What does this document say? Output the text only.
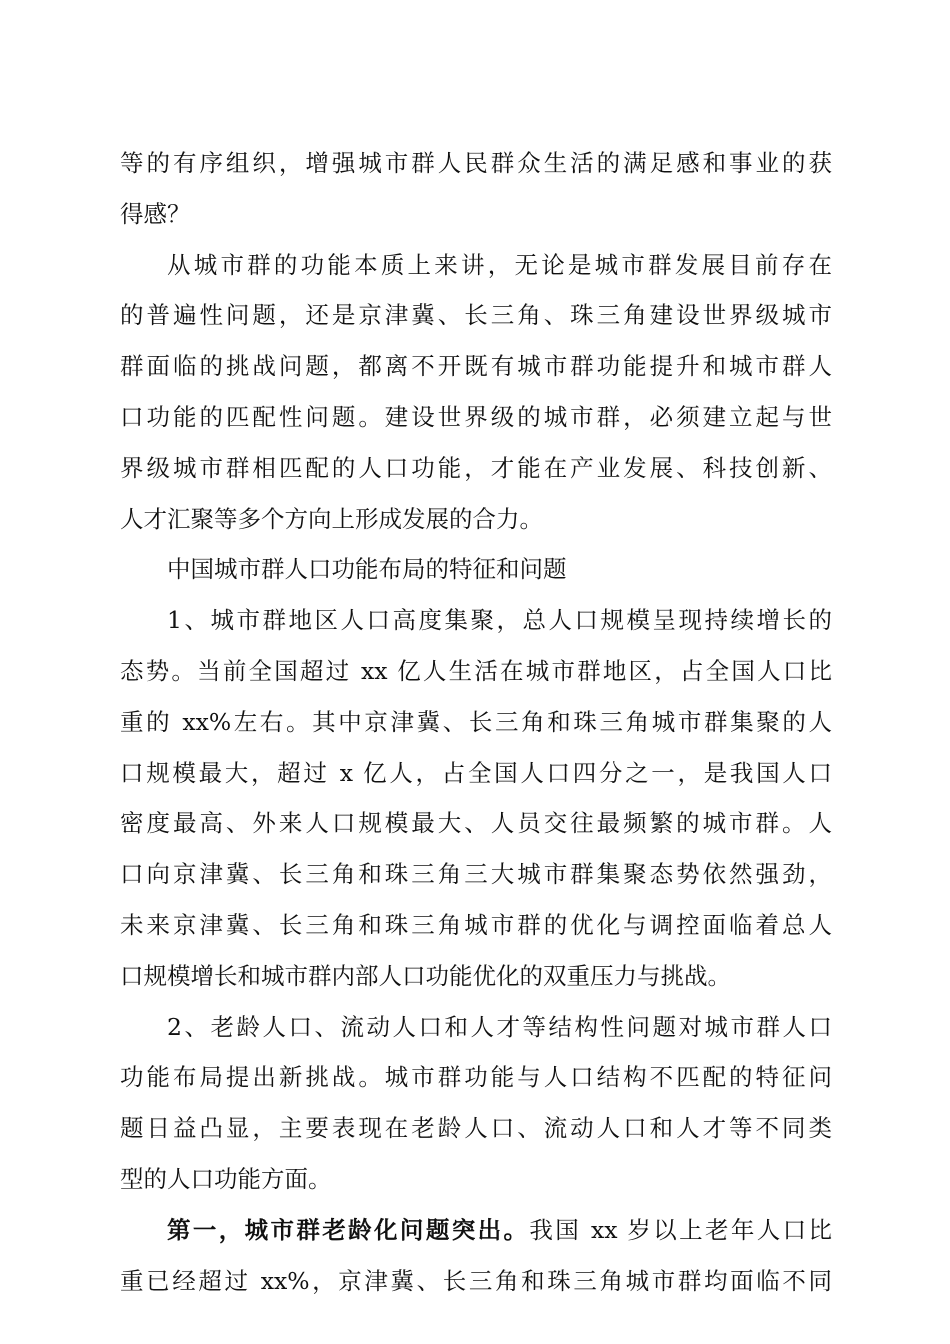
等的有序组织，增强城市群人民群众生活的满足感和事业的获
得感？
从城市群的功能本质上来讲，无论是城市群发展目前存在
的普遍性问题，还是京津冀、长三角、珠三角建设世界级城市
群面临的挑战问题，都离不开既有城市群功能提升和城市群人
口功能的匹配性问题。建设世界级的城市群，必须建立起与世
界级城市群相匹配的人口功能，才能在产业发展、科技创新、
人才汇聚等多个方向上形成发展的合力。
中国城市群人口功能布局的特征和问题
1、城市群地区人口高度集聚，总人口规模呈现持续增长的
态势。当前全国超过 xx 亿人生活在城市群地区，占全国人口比
重的 xx%左右。其中京津冀、长三角和珠三角城市群集聚的人
口规模最大，超过 x 亿人，占全国人口四分之一，是我国人口
密度最高、外来人口规模最大、人员交往最频繁的城市群。人
口向京津冀、长三角和珠三角三大城市群集聚态势依然强劲，
未来京津冀、长三角和珠三角城市群的优化与调控面临着总人
口规模增长和城市群内部人口功能优化的双重压力与挑战。
2、老龄人口、流动人口和人才等结构性问题对城市群人口
功能布局提出新挑战。城市群功能与人口结构不匹配的特征问
题日益凸显，主要表现在老龄人口、流动人口和人才等不同类
型的人口功能方面。
第一，城市群老龄化问题突出。我国 xx 岁以上老年人口比
重已经超过 xx%，京津冀、长三角和珠三角城市群均面临不同
